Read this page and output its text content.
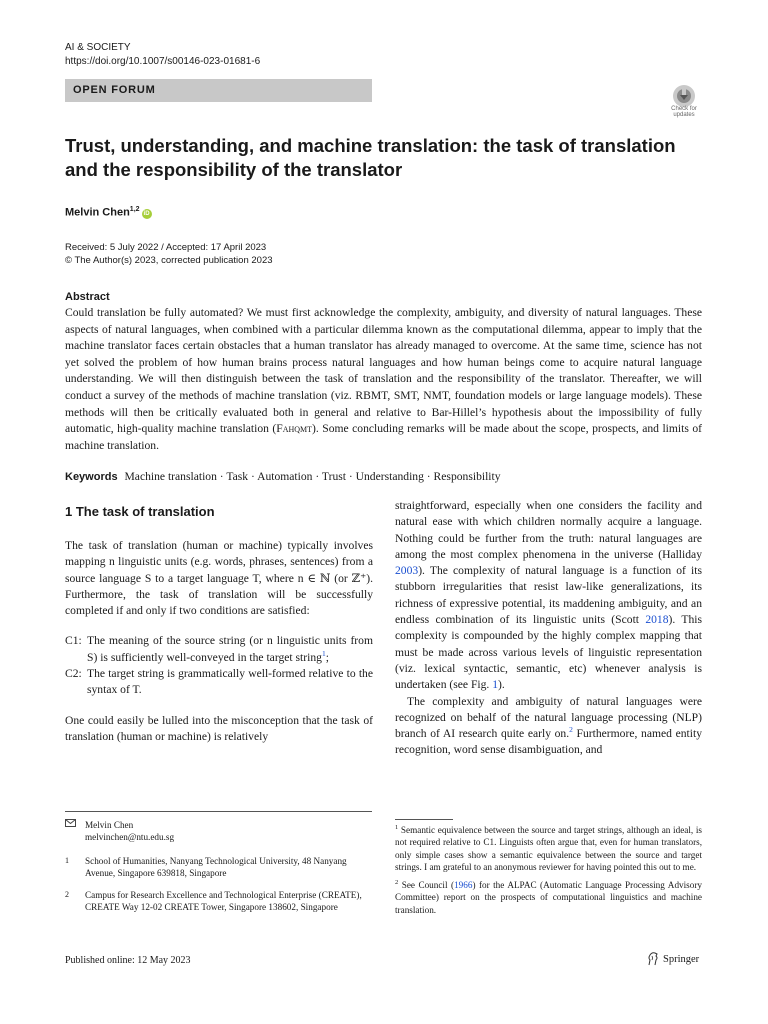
AI & SOCIETY
https://doi.org/10.1007/s00146-023-01681-6
OPEN FORUM
Check for
updates
Trust, understanding, and machine translation: the task of translation and the responsibility of the translator
Melvin Chen$^{1,2}$iD
Received: 5 July 2022 / Accepted: 17 April 2023
© The Author(s) 2023, corrected publication 2023
Abstract
Could translation be fully automated? We must first acknowledge the complexity, ambiguity, and diversity of natural languages. These aspects of natural languages, when combined with a particular dilemma known as the computational dilemma, appear to imply that the machine translator faces certain obstacles that a human translator has already managed to overcome. At the same time, science has not yet solved the problem of how human brains process natural languages and how human beings come to acquire natural language understanding. We will then distinguish between the task of translation and the responsibility of the translator. Thereafter, we will conduct a survey of the methods of machine translation (viz. RBMT, SMT, NMT, foundation models or large language models). These methods will then be critically evaluated both in general and relative to Bar-Hillel’s hypothesis about the impossibility of fully automatic, high-quality machine translation (Fahqmt). Some concluding remarks will be made about the scope, prospects, and limits of machine translation.
Keywords Machine translation · Task · Automation · Trust · Understanding · Responsibility
1 The task of translation

The task of translation (human or machine) typically involves mapping n linguistic units (e.g. words, phrases, sentences) from a source language S to a target language T, where n ∈ ℕ (or ℤ⁺). Furthermore, the task of translation will be successfully completed if and only if two conditions are satisfied:

C1: The meaning of the source string (or n linguistic units from S) is sufficiently well-conveyed in the target string$^1$;
C2: The target string is grammatically well-formed relative to the syntax of T.

One could easily be lulled into the misconception that the task of translation (human or machine) is relatively

straightforward, especially when one considers the facility and natural ease with which children normally acquire a language. Nothing could be further from the truth: natural languages are among the most complex phenomena in the universe (Halliday 2003). The complexity of natural language is a function of its stubborn irregularities that resist law-like generalizations, its richness of expressive potential, its maddening ambiguity, and an endless combination of its linguistic units (Scott 2018). This complexity is compounded by the highly complex mapping that must be made across various levels of linguistic representation (viz. lexical syntactic, semantic, etc) whenever analysis is undertaken (see Fig. 1).

The complexity and ambiguity of natural languages were recognized on behalf of the natural language processing (NLP) branch of AI research quite early on.$^2$ Furthermore, named entity recognition, word sense disambiguation, and

Melvin Chen
melvinchen@ntu.edu.sg
1	School of Humanities, Nanyang Technological University, 48 Nanyang Avenue, Singapore 639818, Singapore
2	Campus for Research Excellence and Technological Enterprise (CREATE), CREATE Way 12-02 CREATE Tower, Singapore 138602, Singapore

$^1$ Semantic equivalence between the source and target strings, although an ideal, is not required relative to C1. Linguists often argue that, even for human translators, only simple cases show a semantic equivalence between the source and target strings. I am grateful to an anonymous reviewer for having pointed this out to me.

$^2$ See Council (1966) for the ALPAC (Automatic Language Processing Advisory Committee) report on the prospects of computational linguistics and machine translation.

Published online: 12 May 2023	Springer
